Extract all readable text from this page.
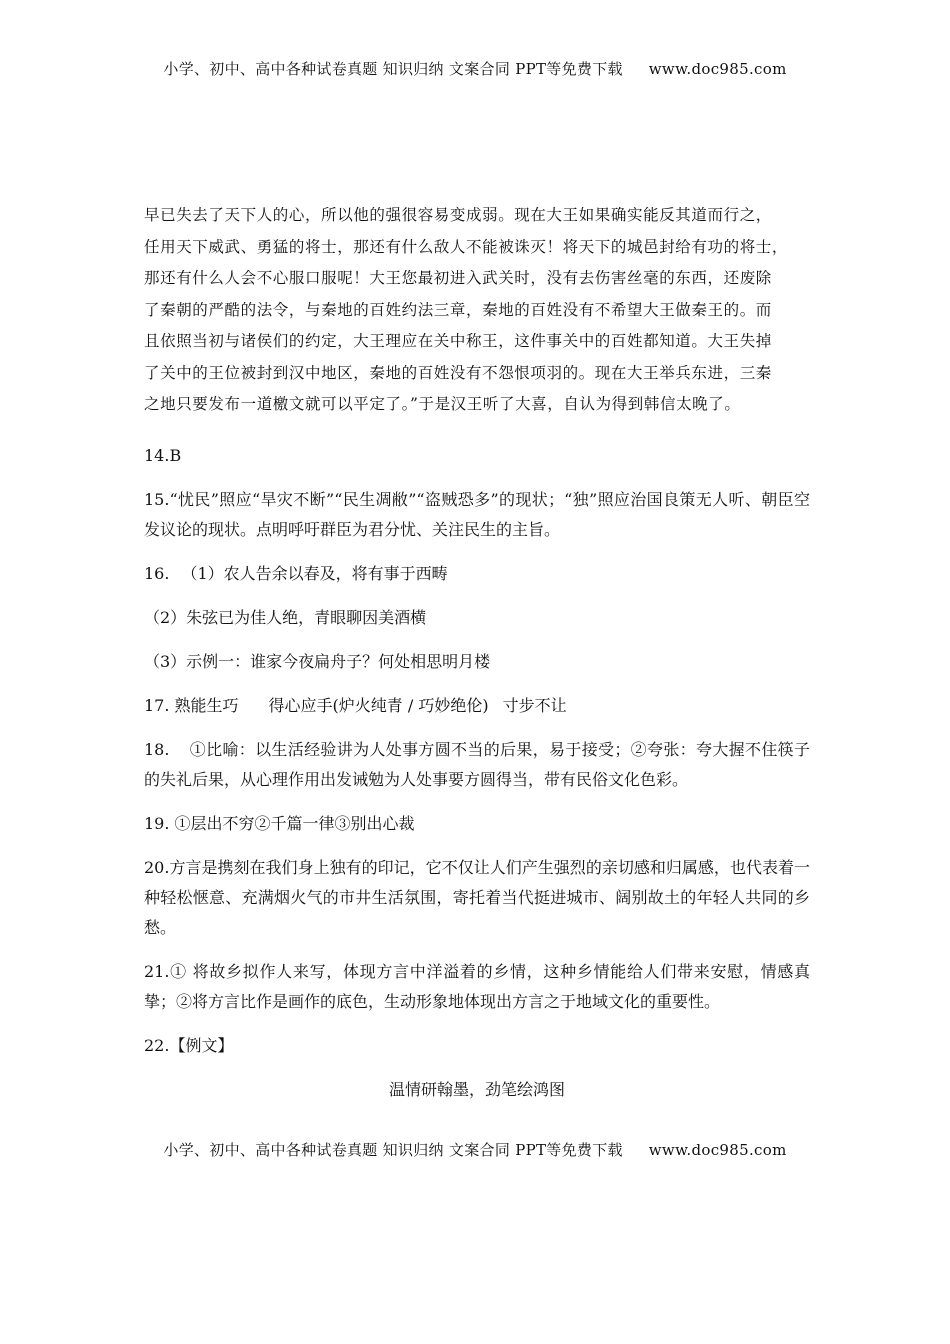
小学、初中、高中各种试卷真题 知识归纳 文案合同 PPT等免费下载 www.doc985.com

早已失去了天下人的心，所以他的强很容易变成弱。现在大王如果确实能反其道而行之，

任用天下威武、勇猛的将士，那还有什么敌人不能被诛灭！将天下的城邑封给有功的将士，

那还有什么人会不心服口服呢！大王您最初进入武关时，没有去伤害丝毫的东西，还废除

了秦朝的严酷的法令，与秦地的百姓约法三章，秦地的百姓没有不希望大王做秦王的。而

且依照当初与诸侯们的约定，大王理应在关中称王，这件事关中的百姓都知道。大王失掉

了关中的王位被封到汉中地区，秦地的百姓没有不怨恨项羽的。现在大王举兵东进，三秦

之地只要发布一道檄文就可以平定了。”于是汉王听了大喜，自认为得到韩信太晚了。

14.B

15.“忧民”照应“旱灾不断”“民生凋敝”“盗贼恐多”的现状；“独”照应治国良策无人听、朝臣空发议论的现状。点明呼吁群臣为君分忧、关注民生的主旨。

16. （1）农人告余以春及，将有事于西畴

（2）朱弦已为佳人绝，青眼聊因美酒横

（3）示例一：谁家今夜扁舟子？何处相思明月楼

17. 熟能生巧 得心应手(炉火纯青 / 巧妙绝伦) 寸步不让

18. ①比喻：以生活经验讲为人处事方圆不当的后果，易于接受；②夸张：夸大握不住筷子的失礼后果，从心理作用出发诫勉为人处事要方圆得当，带有民俗文化色彩。

19. ①层出不穷②千篇一律③别出心裁

20.方言是携刻在我们身上独有的印记，它不仅让人们产生强烈的亲切感和归属感，也代表着一种轻松惬意、充满烟火气的市井生活氛围，寄托着当代挺进城市、阔别故土的年轻人共同的乡愁。

21.① 将故乡拟作人来写，体现方言中洋溢着的乡情，这种乡情能给人们带来安慰，情感真挚；②将方言比作是画作的底色，生动形象地体现出方言之于地域文化的重要性。

22.【例文】

温情研翰墨，劲笔绘鸿图

小学、初中、高中各种试卷真题 知识归纳 文案合同 PPT等免费下载 www.doc985.com
